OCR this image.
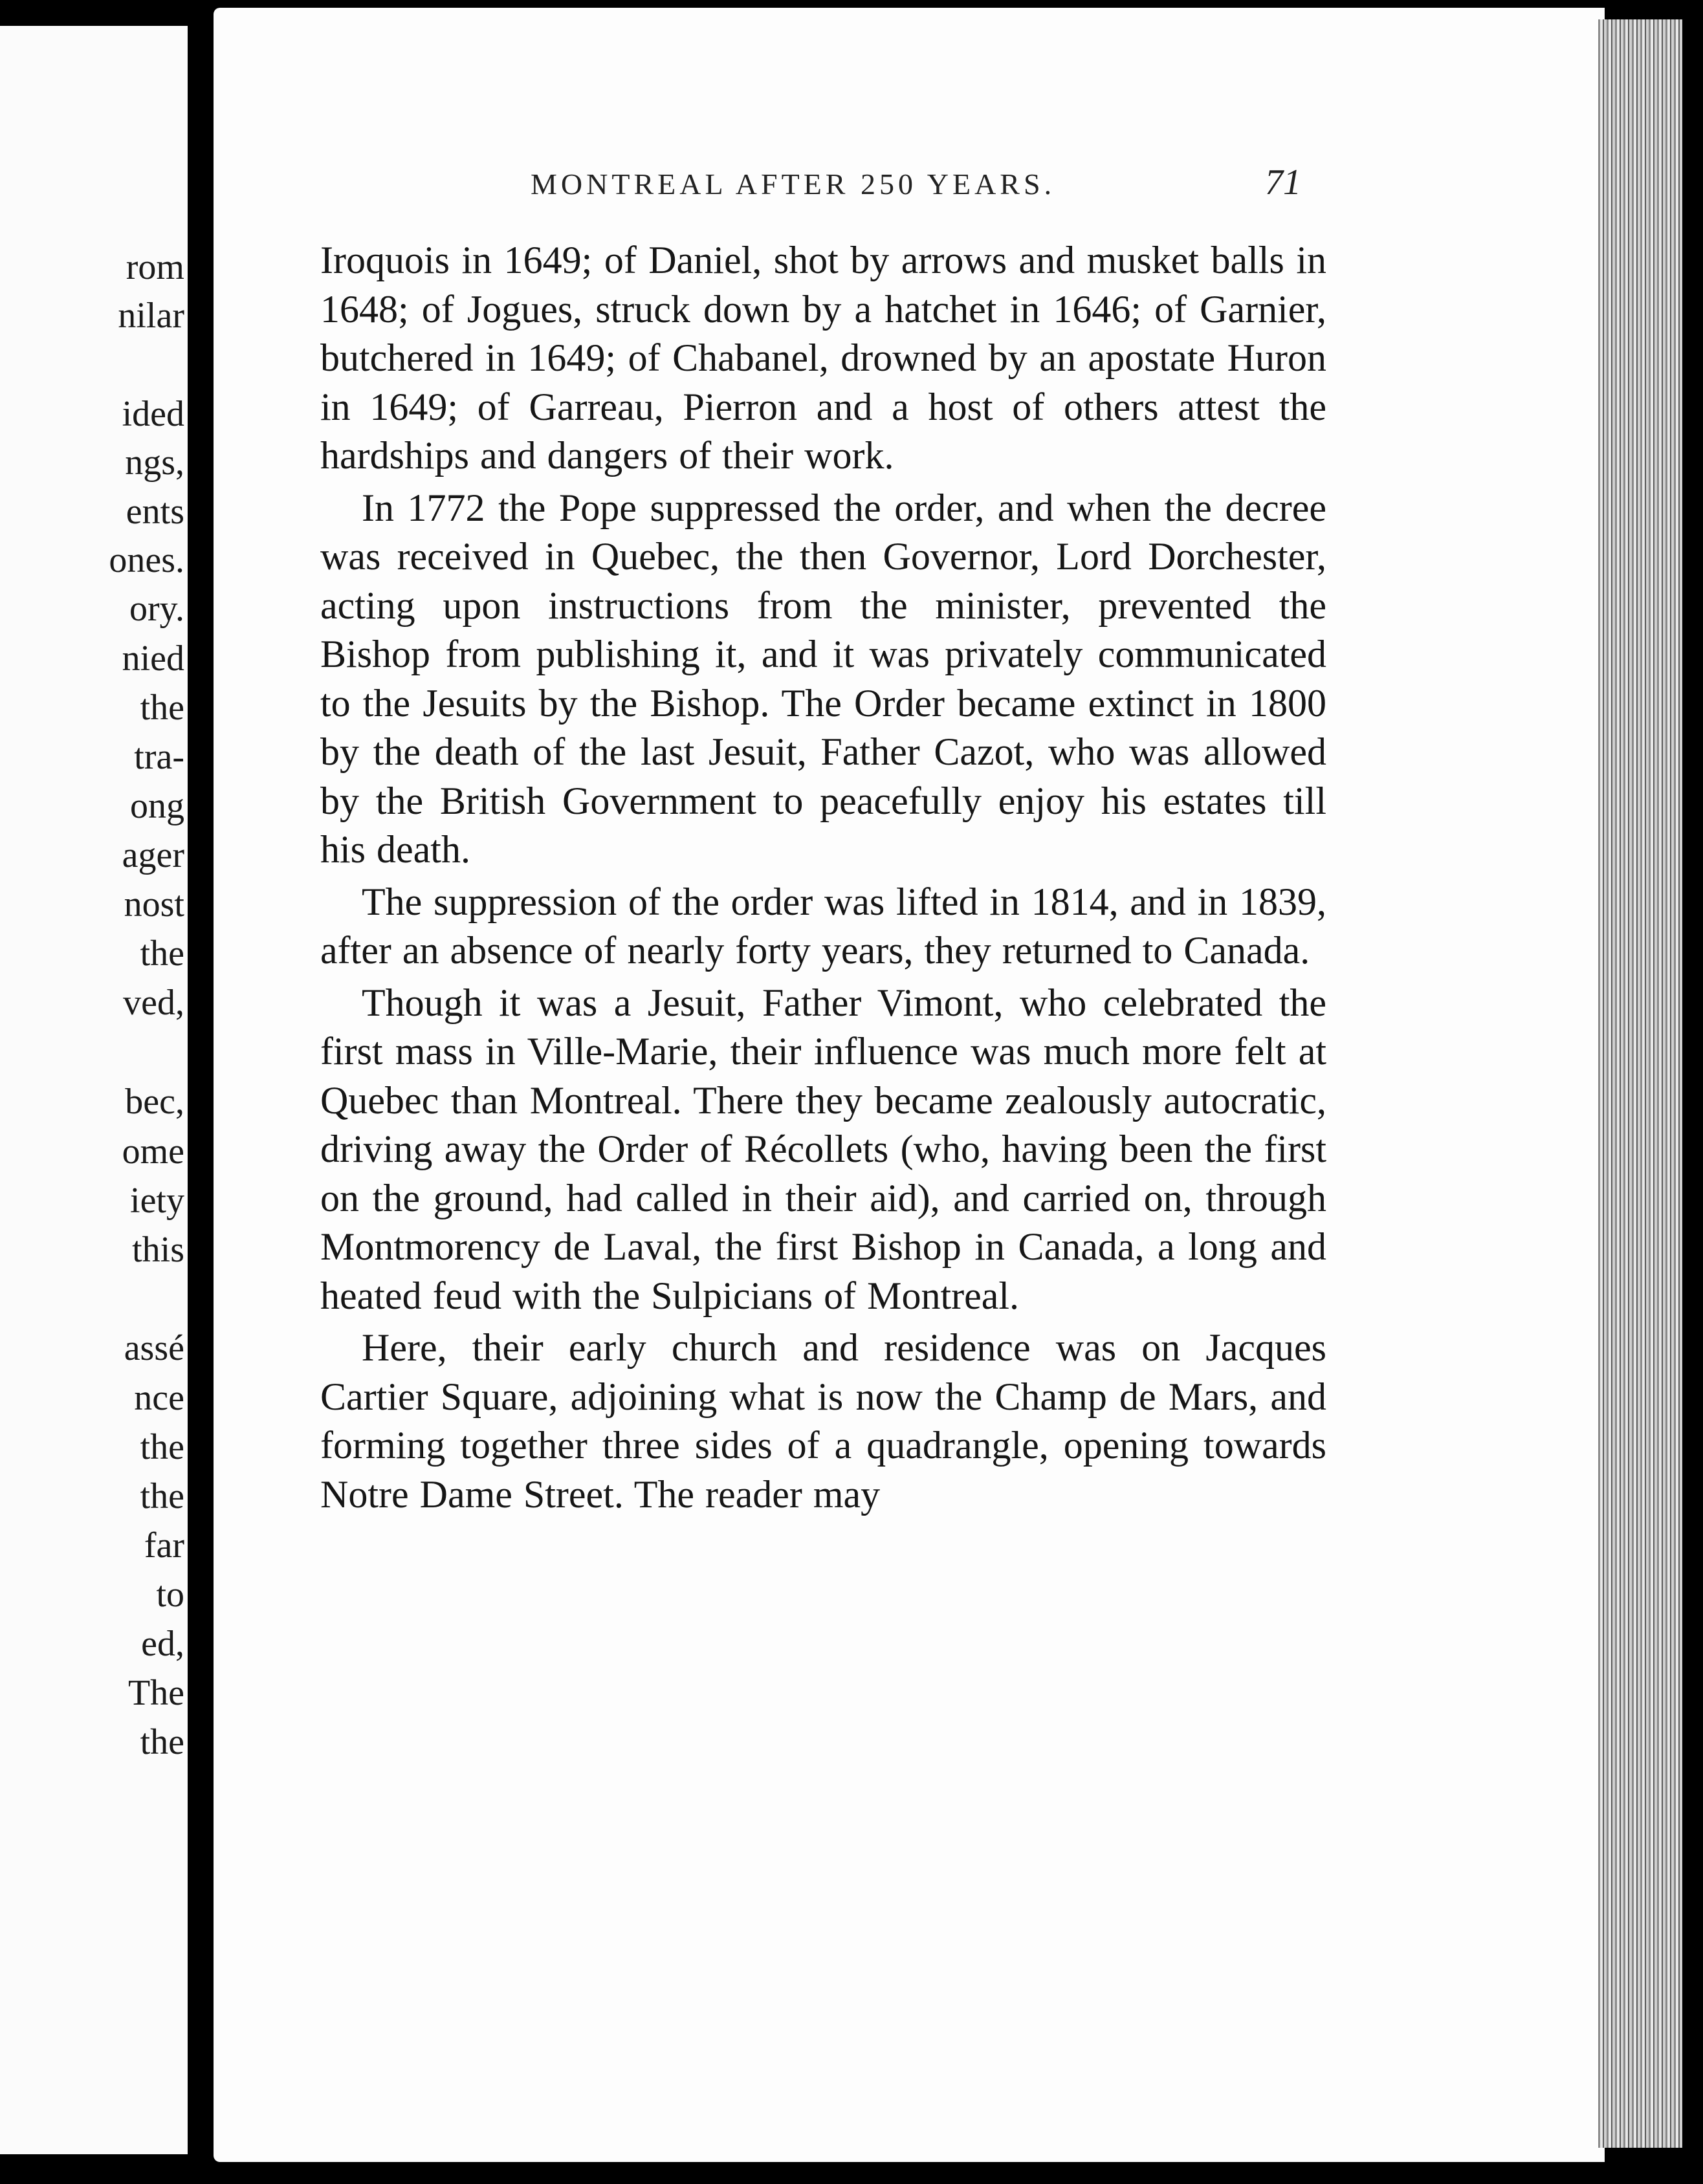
rom
nilar
ided
ngs,
ents
ones.
ory.
nied
the
tra-
ong
ager
nost
the
ved,
bec,
ome
iety
this
assé
nce
the
the
far
to
ed,
The
the
MONTREAL AFTER 250 YEARS.	71

Iroquois in 1649; of Daniel, shot by arrows and musket balls in 1648; of Jogues, struck down by a hatchet in 1646; of Garnier, butchered in 1649; of Chabanel, drowned by an apostate Huron in 1649; of Garreau, Pierron and a host of others attest the hardships and dangers of their work.

In 1772 the Pope suppressed the order, and when the decree was received in Quebec, the then Governor, Lord Dorchester, acting upon instructions from the minister, prevented the Bishop from publishing it, and it was privately communicated to the Jesuits by the Bishop. The Order became extinct in 1800 by the death of the last Jesuit, Father Cazot, who was allowed by the British Government to peacefully enjoy his estates till his death.

The suppression of the order was lifted in 1814, and in 1839, after an absence of nearly forty years, they returned to Canada.

Though it was a Jesuit, Father Vimont, who celebrated the first mass in Ville-Marie, their influence was much more felt at Quebec than Montreal. There they became zealously autocratic, driving away the Order of Récollets (who, having been the first on the ground, had called in their aid), and carried on, through Montmorency de Laval, the first Bishop in Canada, a long and heated feud with the Sulpicians of Montreal.

Here, their early church and residence was on Jacques Cartier Square, adjoining what is now the Champ de Mars, and forming together three sides of a quadrangle, opening towards Notre Dame Street. The reader may
